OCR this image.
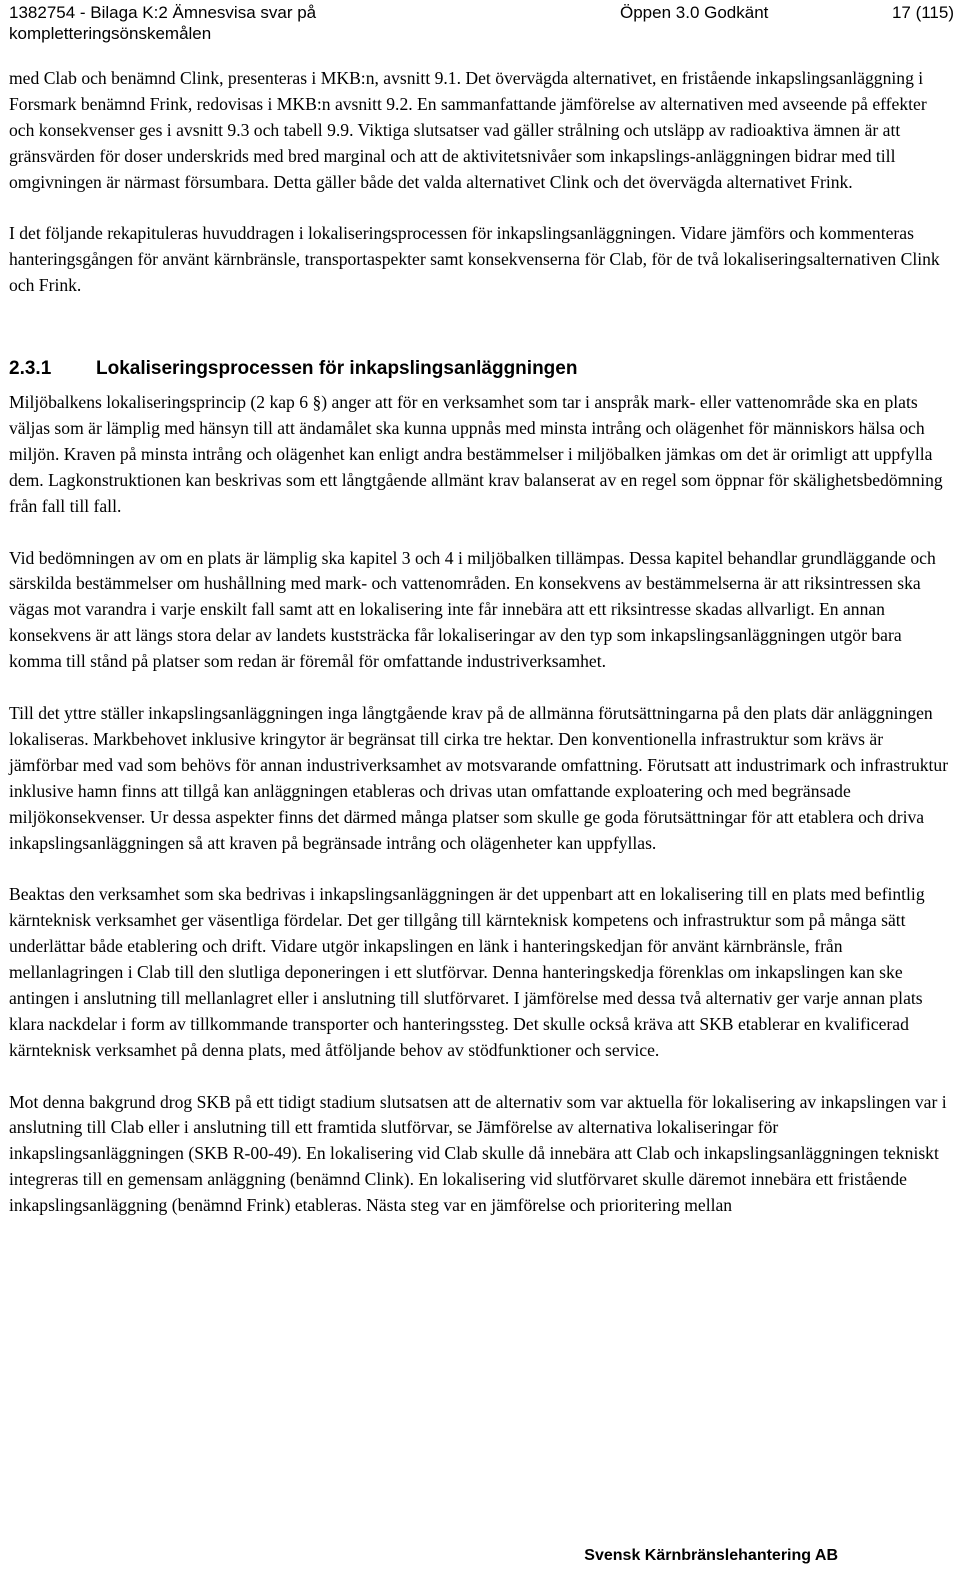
1382754 - Bilaga K:2 Ämnesvisa svar på kompletteringsönskemålen
Öppen 3.0 Godkänt	17 (115)

med Clab och benämnd Clink, presenteras i MKB:n, avsnitt 9.1. Det övervägda alternativet, en fristående inkapslingsanläggning i Forsmark benämnd Frink, redovisas i MKB:n avsnitt 9.2. En sammanfattande jämförelse av alternativen med avseende på effekter och konsekvenser ges i avsnitt 9.3 och tabell 9.9. Viktiga slutsatser vad gäller strålning och utsläpp av radioaktiva ämnen är att gränsvärden för doser underskrids med bred marginal och att de aktivitetsnivåer som inkapslings-anläggningen bidrar med till omgivningen är närmast försumbara. Detta gäller både det valda alternativet Clink och det övervägda alternativet Frink.

I det följande rekapituleras huvuddragen i lokaliseringsprocessen för inkapslingsanläggningen. Vidare jämförs och kommenteras hanteringsgången för använt kärnbränsle, transportaspekter samt konsekvenserna för Clab, för de två lokaliseringsalternativen Clink och Frink.

2.3.1 Lokaliseringsprocessen för inkapslingsanläggningen

Miljöbalkens lokaliseringsprincip (2 kap 6 §) anger att för en verksamhet som tar i anspråk mark- eller vattenområde ska en plats väljas som är lämplig med hänsyn till att ändamålet ska kunna uppnås med minsta intrång och olägenhet för människors hälsa och miljön. Kraven på minsta intrång och olägenhet kan enligt andra bestämmelser i miljöbalken jämkas om det är orimligt att uppfylla dem. Lagkonstruktionen kan beskrivas som ett långtgående allmänt krav balanserat av en regel som öppnar för skälighetsbedömning från fall till fall.

Vid bedömningen av om en plats är lämplig ska kapitel 3 och 4 i miljöbalken tillämpas. Dessa kapitel behandlar grundläggande och särskilda bestämmelser om hushållning med mark- och vattenområden. En konsekvens av bestämmelserna är att riksintressen ska vägas mot varandra i varje enskilt fall samt att en lokalisering inte får innebära att ett riksintresse skadas allvarligt. En annan konsekvens är att längs stora delar av landets kuststräcka får lokaliseringar av den typ som inkapslingsanläggningen utgör bara komma till stånd på platser som redan är föremål för omfattande industriverksamhet.

Till det yttre ställer inkapslingsanläggningen inga långtgående krav på de allmänna förutsättningarna på den plats där anläggningen lokaliseras. Markbehovet inklusive kringytor är begränsat till cirka tre hektar. Den konventionella infrastruktur som krävs är jämförbar med vad som behövs för annan industriverksamhet av motsvarande omfattning. Förutsatt att industrimark och infrastruktur inklusive hamn finns att tillgå kan anläggningen etableras och drivas utan omfattande exploatering och med begränsade miljökonsekvenser. Ur dessa aspekter finns det därmed många platser som skulle ge goda förutsättningar för att etablera och driva inkapslingsanläggningen så att kraven på begränsade intrång och olägenheter kan uppfyllas.

Beaktas den verksamhet som ska bedrivas i inkapslingsanläggningen är det uppenbart att en lokalisering till en plats med befintlig kärnteknisk verksamhet ger väsentliga fördelar. Det ger tillgång till kärnteknisk kompetens och infrastruktur som på många sätt underlättar både etablering och drift. Vidare utgör inkapslingen en länk i hanteringskedjan för använt kärnbränsle, från mellanlagringen i Clab till den slutliga deponeringen i ett slutförvar. Denna hanteringskedja förenklas om inkapslingen kan ske antingen i anslutning till mellanlagret eller i anslutning till slutförvaret. I jämförelse med dessa två alternativ ger varje annan plats klara nackdelar i form av tillkommande transporter och hanteringssteg. Det skulle också kräva att SKB etablerar en kvalificerad kärnteknisk verksamhet på denna plats, med åtföljande behov av stödfunktioner och service.

Mot denna bakgrund drog SKB på ett tidigt stadium slutsatsen att de alternativ som var aktuella för lokalisering av inkapslingen var i anslutning till Clab eller i anslutning till ett framtida slutförvar, se Jämförelse av alternativa lokaliseringar för inkapslingsanläggningen (SKB R-00-49). En lokalisering vid Clab skulle då innebära att Clab och inkapslingsanläggningen tekniskt integreras till en gemensam anläggning (benämnd Clink). En lokalisering vid slutförvaret skulle däremot innebära ett fristående inkapslingsanläggning (benämnd Frink) etableras. Nästa steg var en jämförelse och prioritering mellan

Svensk Kärnbränslehantering AB
